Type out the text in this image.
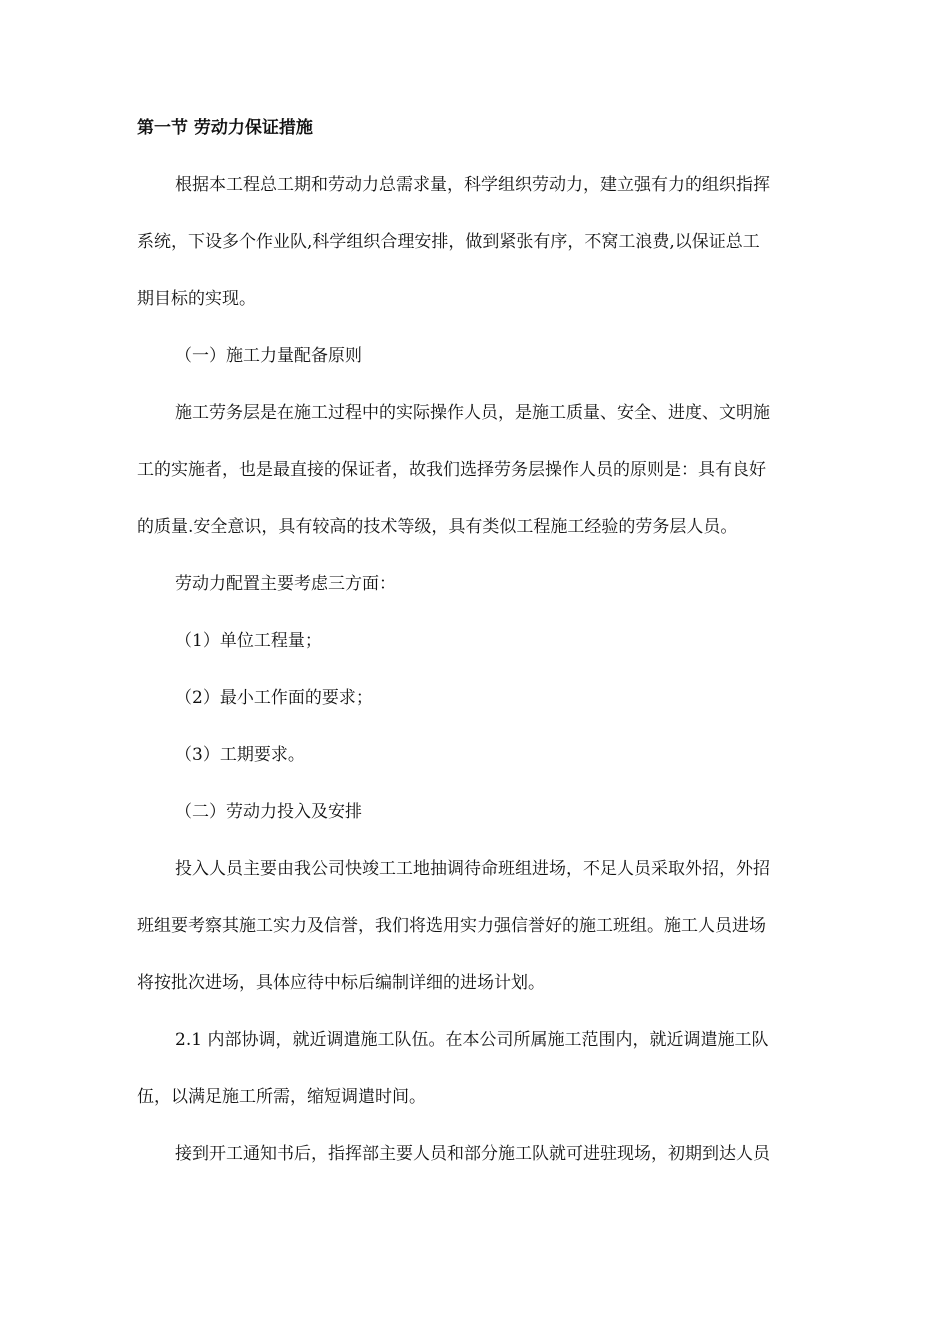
第一节 劳动力保证措施
根据本工程总工期和劳动力总需求量，科学组织劳动力，建立强有力的组织指挥
系统，下设多个作业队,科学组织合理安排，做到紧张有序，不窝工浪费,以保证总工
期目标的实现。
（一）施工力量配备原则
施工劳务层是在施工过程中的实际操作人员，是施工质量、安全、进度、文明施
工的实施者，也是最直接的保证者，故我们选择劳务层操作人员的原则是：具有良好
的质量.安全意识，具有较高的技术等级，具有类似工程施工经验的劳务层人员。
劳动力配置主要考虑三方面：
（1）单位工程量；
（2）最小工作面的要求；
（3）工期要求。
（二）劳动力投入及安排
投入人员主要由我公司快竣工工地抽调待命班组进场，不足人员采取外招，外招
班组要考察其施工实力及信誉，我们将选用实力强信誉好的施工班组。施工人员进场
将按批次进场，具体应待中标后编制详细的进场计划。
2.1 内部协调，就近调遣施工队伍。在本公司所属施工范围内，就近调遣施工队
伍，以满足施工所需，缩短调遣时间。
接到开工通知书后，指挥部主要人员和部分施工队就可进驻现场，初期到达人员
